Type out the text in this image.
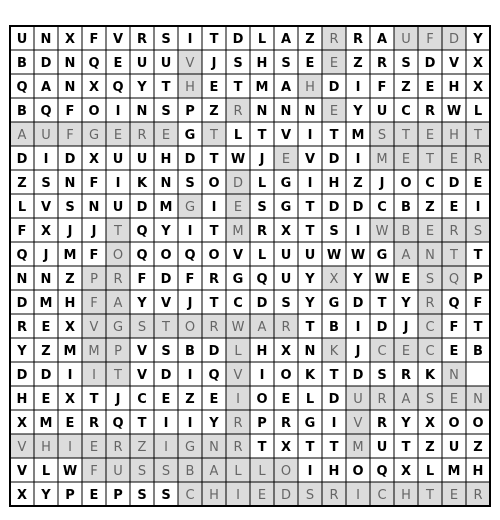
U N X F V R S I T D L A Z R R A U F D Y
B D N Q E U U V J S H S E E Z R S D V X
Q A N X Q Y T H E T M A H D I F Z E H X
B Q F O I N S P Z R N N N E Y U C R W L
A U F G E R E G T L T V I T M S T E H T
D I D X U U H D T W J E V D I M E T E R
Z S N F I K N S O D L G I H Z J O C D E
L V S N U D M G I E S G T D D C B Z E I
F X J J T Q Y I T M R X T S I W B E R S
Q J M F O Q O Q O V L U U W W G A N T T
N N Z P R F D F R G Q U Y X Y W E S Q P
D M H F A Y V J T C D S Y G D T Y R Q F
R E X V G S T O R W A R T B I D J C F T
Y Z M M P V S B D L H X N K J C E C E B
D D I I T V D I Q V I O K T D S R K N
H E X T J C E Z E I O E L D U R A S E N
X M E R Q T I I Y R P R G I V R Y X O O
V H I E R Z I G N R T X T T M U T Z U Z
V L W F U S S B A L L O I H O Q X L M H
X Y P E P S S C H I E D S R I C H T E R
